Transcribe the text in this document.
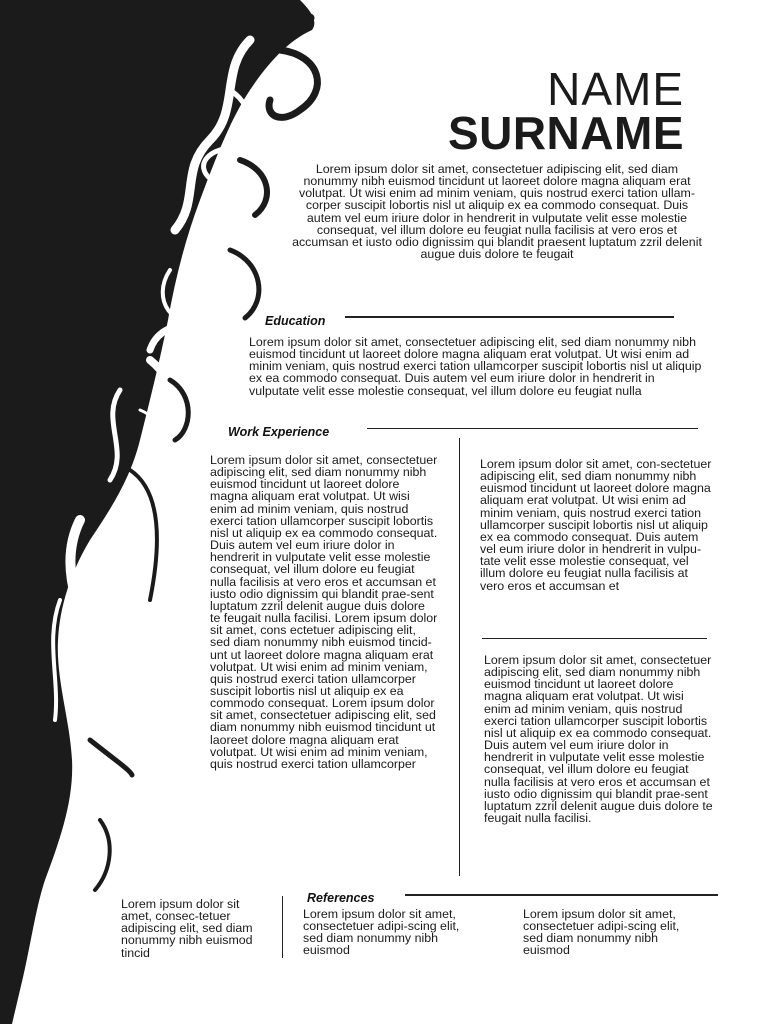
NAME
SURNAME

Lorem ipsum dolor sit amet, consectetuer adipiscing elit, sed diam nonummy nibh euismod tincidunt ut laoreet dolore magna aliquam erat volutpat. Ut wisi enim ad minim veniam, quis nostrud exerci tation ullam-corper suscipit lobortis nisl ut aliquip ex ea commodo consequat. Duis autem vel eum iriure dolor in hendrerit in vulputate velit esse molestie consequat, vel illum dolore eu feugiat nulla facilisis at vero eros et accumsan et iusto odio dignissim qui blandit praesent luptatum zzril delenit augue duis dolore te feugait

Education

Lorem ipsum dolor sit amet, consectetuer adipiscing elit, sed diam nonummy nibh euismod tincidunt ut laoreet dolore magna aliquam erat volutpat. Ut wisi enim ad minim veniam, quis nostrud exerci tation ullamcorper suscipit lobortis nisl ut aliquip ex ea commodo consequat. Duis autem vel eum iriure dolor in hendrerit in vulputate velit esse molestie consequat, vel illum dolore eu feugiat nulla

Work Experience

Lorem ipsum dolor sit amet, consectetuer adipiscing elit, sed diam nonummy nibh euismod tincidunt ut laoreet dolore magna aliquam erat volutpat. Ut wisi enim ad minim veniam, quis nostrud exerci tation ullamcorper suscipit lobortis nisl ut aliquip ex ea commodo consequat. Duis autem vel eum iriure dolor in hendrerit in vulputate velit esse molestie consequat, vel illum dolore eu feugiat nulla facilisis at vero eros et accumsan et iusto odio dignissim qui blandit prae-sent luptatum zzril delenit augue duis dolore te feugait nulla facilisi. Lorem ipsum dolor sit amet, cons ectetuer adipiscing elit, sed diam nonummy nibh euismod tincid-unt ut laoreet dolore magna aliquam erat volutpat. Ut wisi enim ad minim veniam, quis nostrud exerci tation ullamcorper suscipit lobortis nisl ut aliquip ex ea commodo consequat. Lorem ipsum dolor sit amet, consectetuer adipiscing elit, sed diam nonummy nibh euismod tincidunt ut laoreet dolore magna aliquam erat volutpat. Ut wisi enim ad minim veniam, quis nostrud exerci tation ullamcorper

Lorem ipsum dolor sit amet, con-sectetuer adipiscing elit, sed diam nonummy nibh euismod tincidunt ut laoreet dolore magna aliquam erat volutpat. Ut wisi enim ad minim veniam, quis nostrud exerci tation ullamcorper suscipit lobortis nisl ut aliquip ex ea commodo consequat. Duis autem vel eum iriure dolor in hendrerit in vulpu-tate velit esse molestie consequat, vel illum dolore eu feugiat nulla facilisis at vero eros et accumsan et

Lorem ipsum dolor sit amet, consectetuer adipiscing elit, sed diam nonummy nibh euismod tincidunt ut laoreet dolore magna aliquam erat volutpat. Ut wisi enim ad minim veniam, quis nostrud exerci tation ullamcorper suscipit lobortis nisl ut aliquip ex ea commodo consequat. Duis autem vel eum iriure dolor in hendrerit in vulputate velit esse molestie consequat, vel illum dolore eu feugiat nulla facilisis at vero eros et accumsan et iusto odio dignissim qui blandit prae-sent luptatum zzril delenit augue duis dolore te feugait nulla facilisi.

Lorem ipsum dolor sit amet, consec-tetuer adipiscing elit, sed diam nonummy nibh euismod tincid

References

Lorem ipsum dolor sit amet, consectetuer adipi-scing elit, sed diam nonummy nibh euismod

Lorem ipsum dolor sit amet, consectetuer adipi-scing elit, sed diam nonummy nibh euismod
